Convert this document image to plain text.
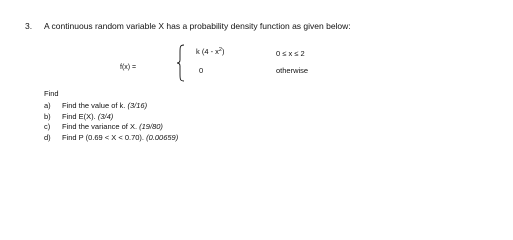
3. A continuous random variable X has a probability density function as given below:
f(x) =
k $(4 - x^2)$	0 ≤ x ≤ 2
0	otherwise
Find
a) Find the value of k. (3/16)
b) Find E(X). (3/4)
c) Find the variance of X. (19/80)
d) Find P (0.69 < X < 0.70). (0.00659)
